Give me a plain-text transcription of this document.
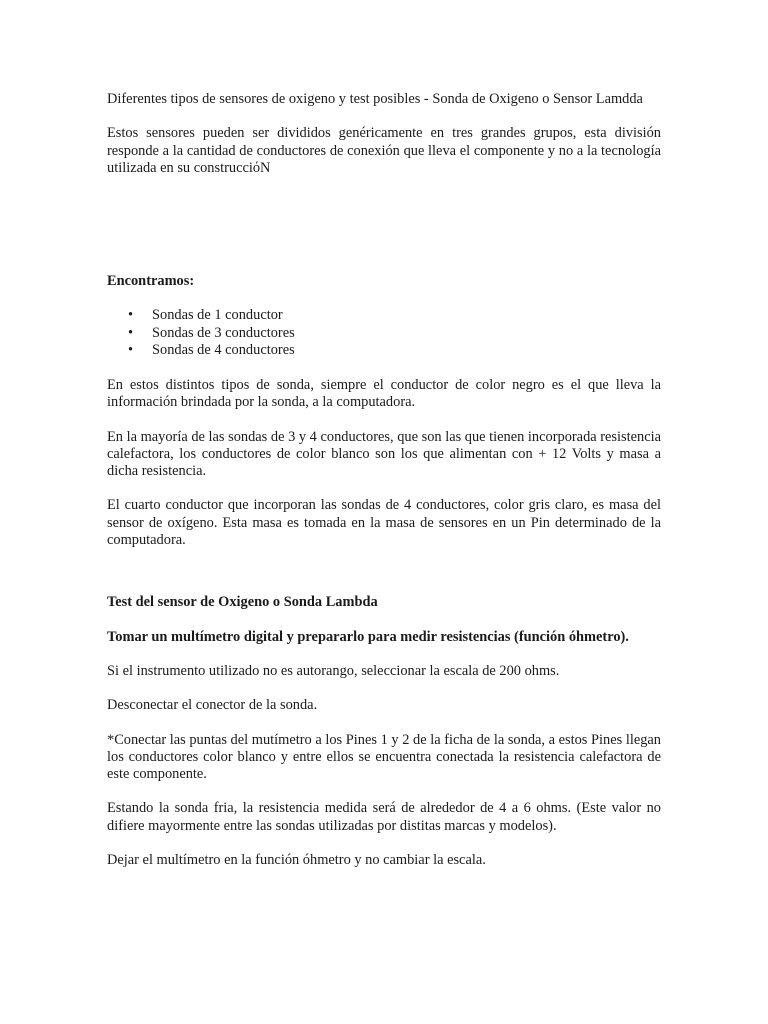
Diferentes tipos de sensores de oxigeno y test posibles - Sonda de Oxigeno o Sensor Lamdda

Estos sensores pueden ser divididos genéricamente en tres grandes grupos, esta división responde a la cantidad de conductores de conexión que lleva el componente y no a la tecnología utilizada en su construcciόN

Encontramos:

• Sondas de 1 conductor
• Sondas de 3 conductores
• Sondas de 4 conductores

En estos distintos tipos de sonda, siempre el conductor de color negro es el que lleva la información brindada por la sonda, a la computadora.

En la mayoría de las sondas de 3 y 4 conductores, que son las que tienen incorporada resistencia calefactora, los conductores de color blanco son los que alimentan con + 12 Volts y masa a dicha resistencia.

El cuarto conductor que incorporan las sondas de 4 conductores, color gris claro, es masa del sensor de oxígeno. Esta masa es tomada en la masa de sensores en un Pin determinado de la computadora.

Test del sensor de Oxigeno o Sonda Lambda

Tomar un multímetro digital y prepararlo para medir resistencias (función óhmetro).

Si el instrumento utilizado no es autorango, seleccionar la escala de 200 ohms.

Desconectar el conector de la sonda.

*Conectar las puntas del mutímetro a los Pines 1 y 2 de la ficha de la sonda, a estos Pines llegan los conductores color blanco y entre ellos se encuentra conectada la resistencia calefactora de este componente.

Estando la sonda fria, la resistencia medida será de alrededor de 4 a 6 ohms. (Este valor no difiere mayormente entre las sondas utilizadas por distitas marcas y modelos).

Dejar el multímetro en la función óhmetro y no cambiar la escala.
